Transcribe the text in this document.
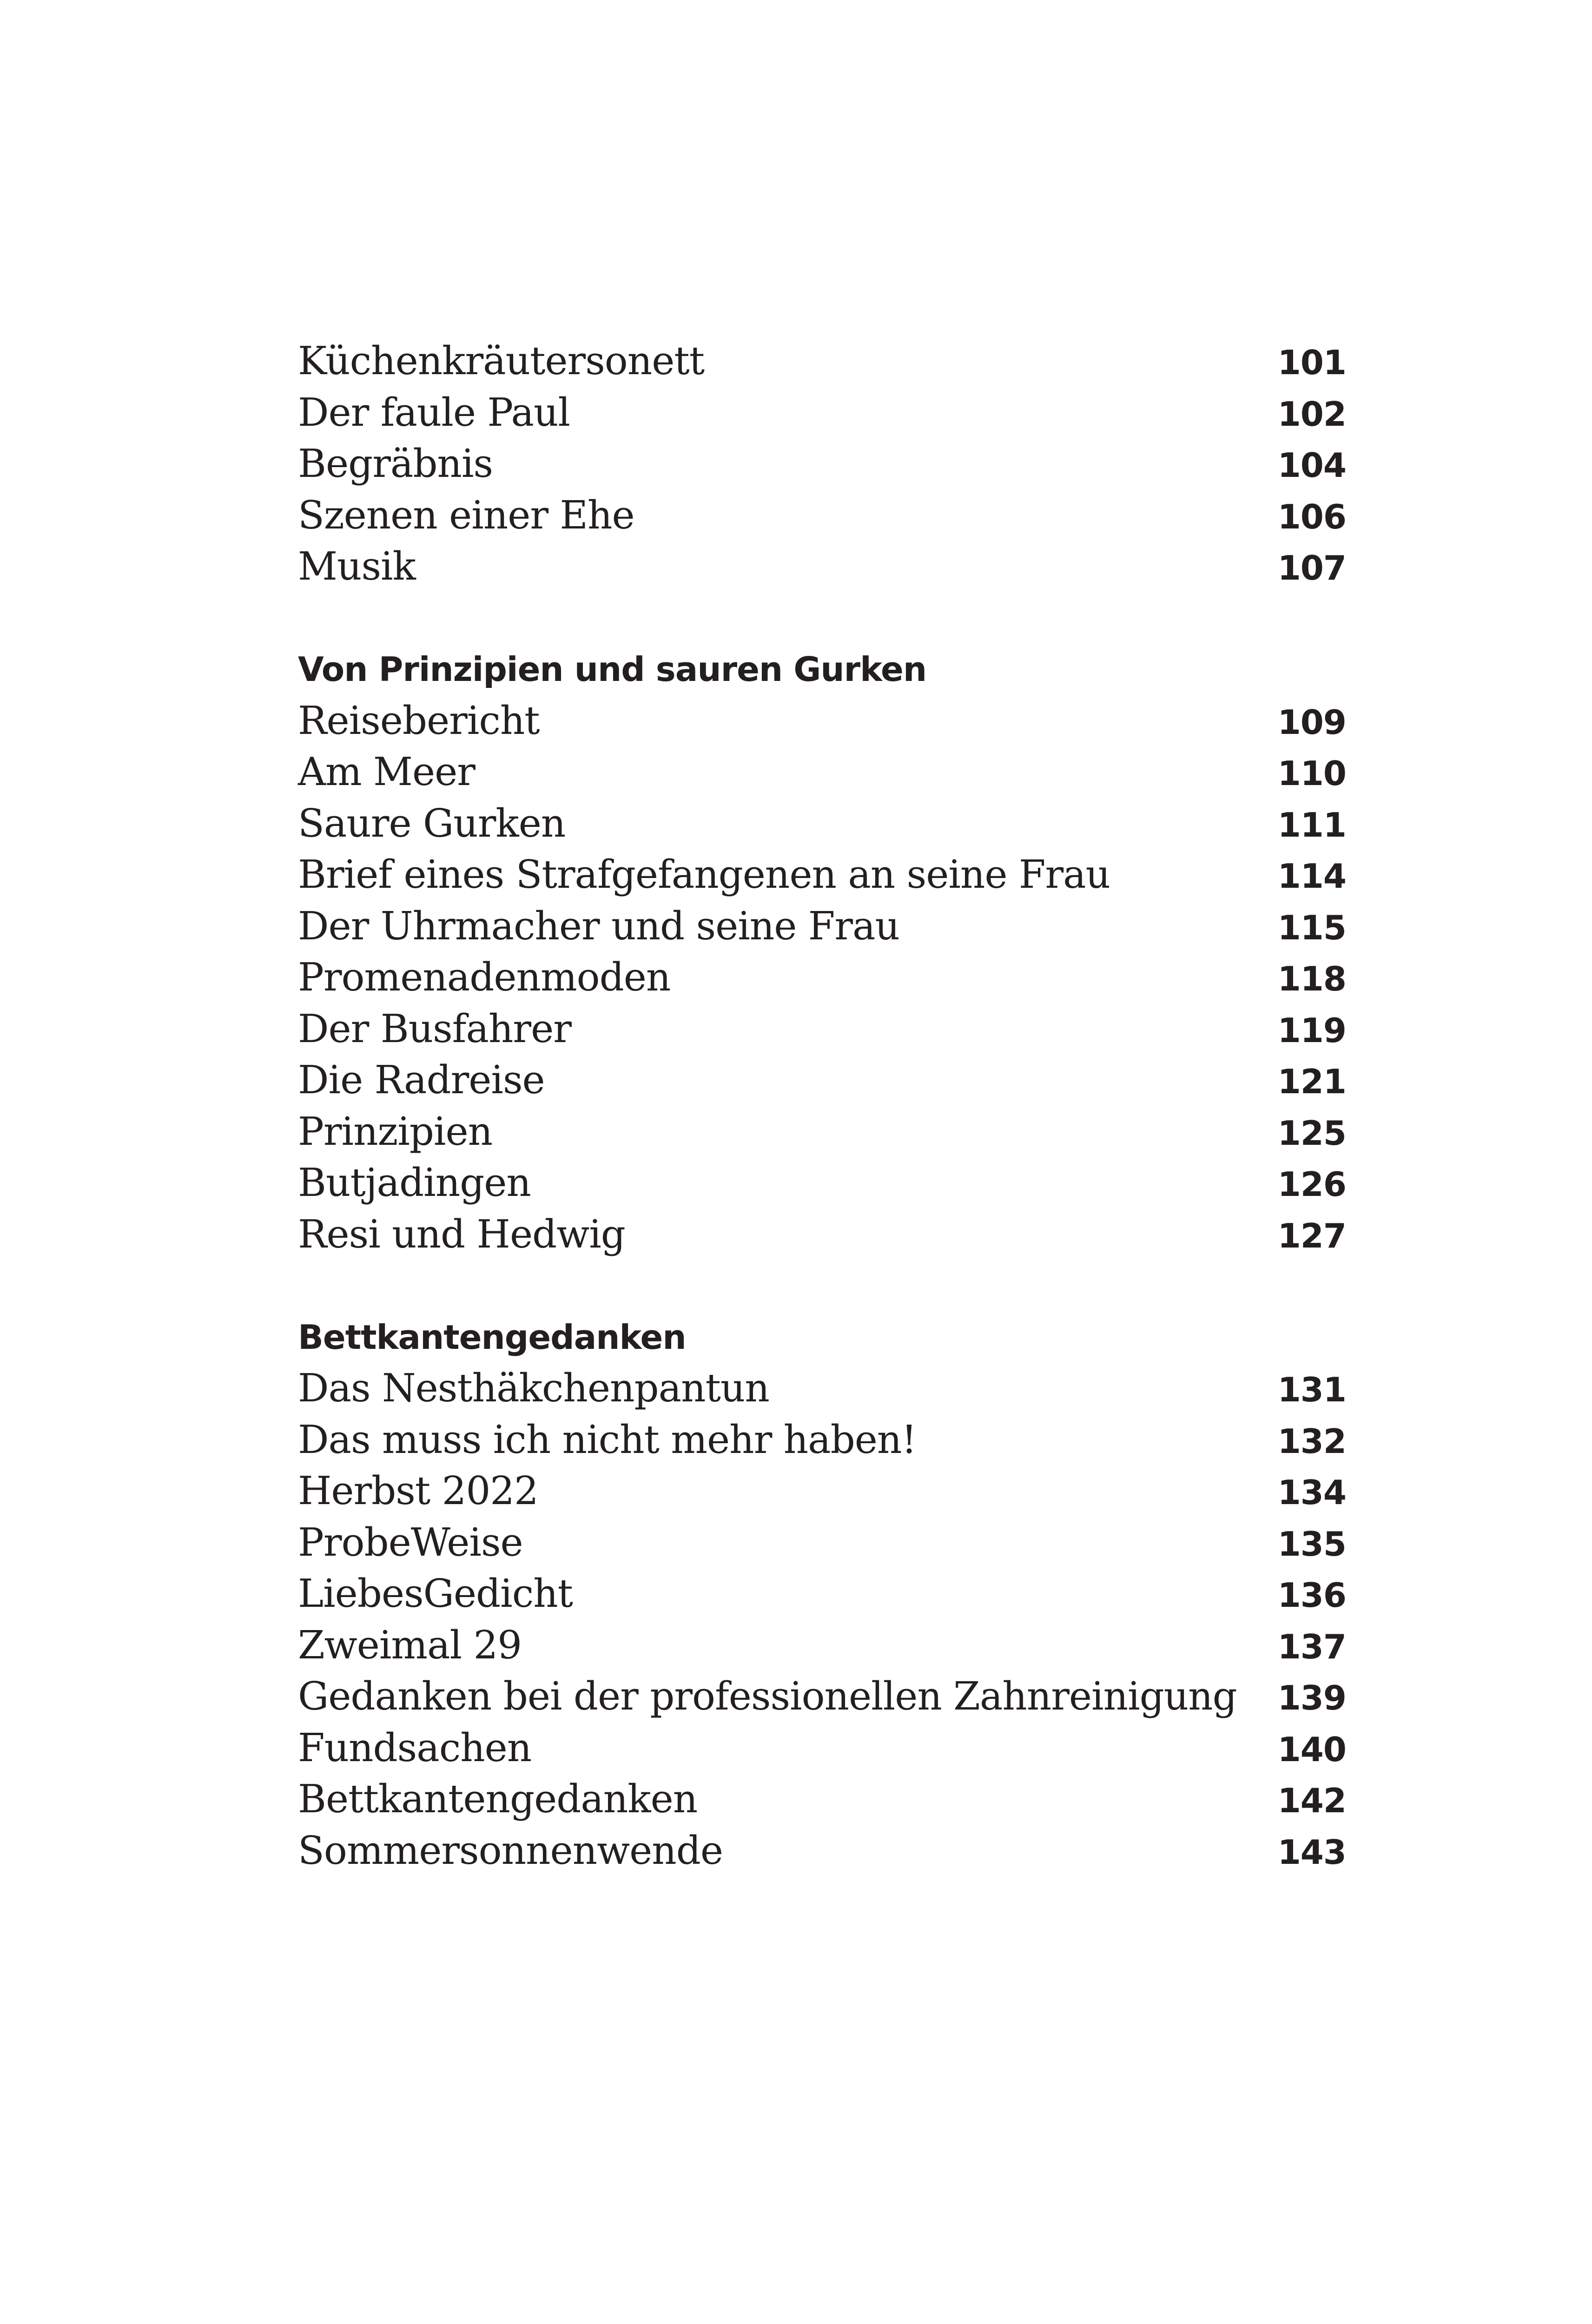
Küchenkräutersonett	101
Der faule Paul	102
Begräbnis	104
Szenen einer Ehe	106
Musik	107
Von Prinzipien und sauren Gurken
Reisebericht	109
Am Meer	110
Saure Gurken	111
Brief eines Strafgefangenen an seine Frau	114
Der Uhrmacher und seine Frau	115
Promenadenmoden	118
Der Busfahrer	119
Die Radreise	121
Prinzipien	125
Butjadingen	126
Resi und Hedwig	127
Bettkantengedanken
Das Nesthäkchenpantun	131
Das muss ich nicht mehr haben!	132
Herbst 2022	134
ProbeWeise	135
LiebesGedicht	136
Zweimal 29	137
Gedanken bei der professionellen Zahnreinigung 139
Fundsachen	140
Bettkantengedanken	142
Sommersonnenwende	143
